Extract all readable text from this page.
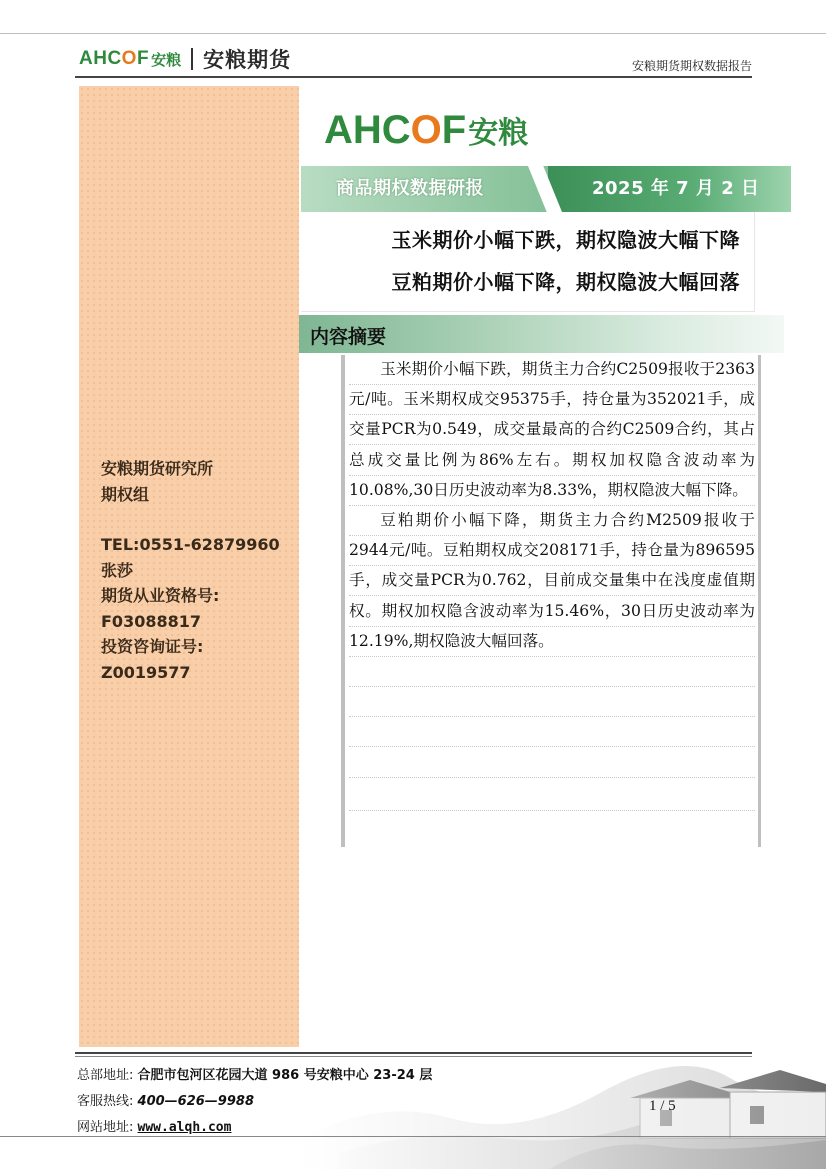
AHCOF 安粮 安粮期货	安粮期货期权数据报告
安粮期货研究所
期权组
TEL:0551-62879960
张莎
期货从业资格号:
F03088817
投资咨询证号:
Z0019577
AHCOF 安粮
商品期权数据研报	2025 年 7 月 2 日
玉米期价小幅下跌，期权隐波大幅下降
豆粕期价小幅下降，期权隐波大幅回落
内容摘要

玉米期价小幅下跌，期货主力合约C2509报收于2363元/吨。玉米期权成交95375手，持仓量为352021手，成交量PCR为0.549，成交量最高的合约C2509合约，其占总成交量比例为86%左右。期权加权隐含波动率为10.08%,30日历史波动率为8.33%，期权隐波大幅下降。

豆粕期价小幅下降，期货主力合约M2509报收于2944元/吨。豆粕期权成交208171手，持仓量为896595手，成交量PCR为0.762，目前成交量集中在浅度虚值期权。期权加权隐含波动率为15.46%，30日历史波动率为12.19%,期权隐波大幅回落。

总部地址: 合肥市包河区花园大道 986 号安粮中心 23-24 层
客服热线: 400—626—9988
网站地址: www.alqh.com
1 / 5
